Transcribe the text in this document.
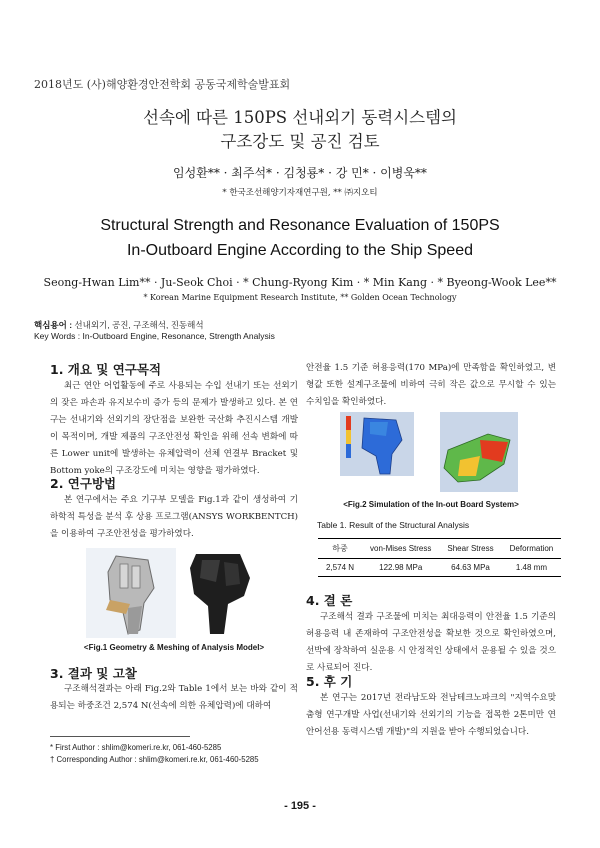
2018년도 (사)해양환경안전학회 공동국제학술발표회
선속에 따른 150PS 선내외기 동력시스템의
구조강도 및 공진 검토
임성환** · 최주석* · 김청룡* · 강 민* · 이병욱**
* 한국조선해양기자재연구원, ** ㈜지오티
Structural Strength and Resonance Evaluation of 150PS
In-Outboard Engine According to the Ship Speed
Seong-Hwan Lim** · Ju-Seok Choi · * Chung-Ryong Kim · * Min Kang · * Byeong-Wook Lee**
* Korean Marine Equipment Research Institute, ** Golden Ocean Technology
핵심용어 : 선내외기, 공진, 구조해석, 진동해석
Key Words : In-Outboard Engine, Resonance, Strength Analysis
1. 개요 및 연구목적
최근 연안 어업활동에 주로 사용되는 수입 선내기 또는 선외기의 잦은 파손과 유지보수비 증가 등의 문제가 발생하고 있다. 본 연구는 선내기와 선외기의 장단점을 보완한 국산화 추진시스템 개발이 목적이며, 개발 제품의 구조안전성 확인을 위해 선속 변화에 따른 Lower unit에 발생하는 유체압력이 선체 연결부 Bracket 및 Bottom yoke의 구조강도에 미치는 영향을 평가하였다.
2. 연구방법
본 연구에서는 주요 기구부 모델을 Fig.1과 같이 생성하여 기하학적 특성을 분석 후 상용 프로그램(ANSYS WORKBENTCH)을 이용하여 구조안전성을 평가하였다.
<Fig.1 Geometry & Meshing of Analysis Model>
3. 결과 및 고찰
구조해석결과는 아래 Fig.2와 Table 1에서 보는 바와 같이 적용되는 하중조건 2,574 N(선속에 의한 유체압력)에 대하여
* First Author : shlim@komeri.re.kr, 061-460-5285
† Corresponding Author : shlim@komeri.re.kr, 061-460-5285
안전율 1.5 기준 허용응력(170 MPa)에 만족함을 확인하였고, 변형값 또한 설계구조물에 비하여 극히 작은 값으로 무시할 수 있는 수치임을 확인하였다.
<Fig.2 Simulation of the In-out Board System>
Table 1. Result of the Structural Analysis
하중	von-Mises Stress	Shear Stress	Deformation
2,574 N	122.98 MPa	64.63 MPa	1.48 mm
4. 결 론
구조해석 결과 구조물에 미치는 최대응력이 안전율 1.5 기준의 허용응력 내 존재하여 구조안전성을 확보한 것으로 확인하였으며, 선박에 장착하여 실운용 시 안정적인 상태에서 운용될 수 있을 것으로 사료되어 진다.
5. 후 기
본 연구는 2017년 전라남도와 전남테크노파크의 "지역수요맞춤형 연구개발 사업(선내기와 선외기의 기능을 접목한 2톤미만 연안어선용 동력시스템 개발)"의 지원을 받아 수행되었습니다.
- 195 -
